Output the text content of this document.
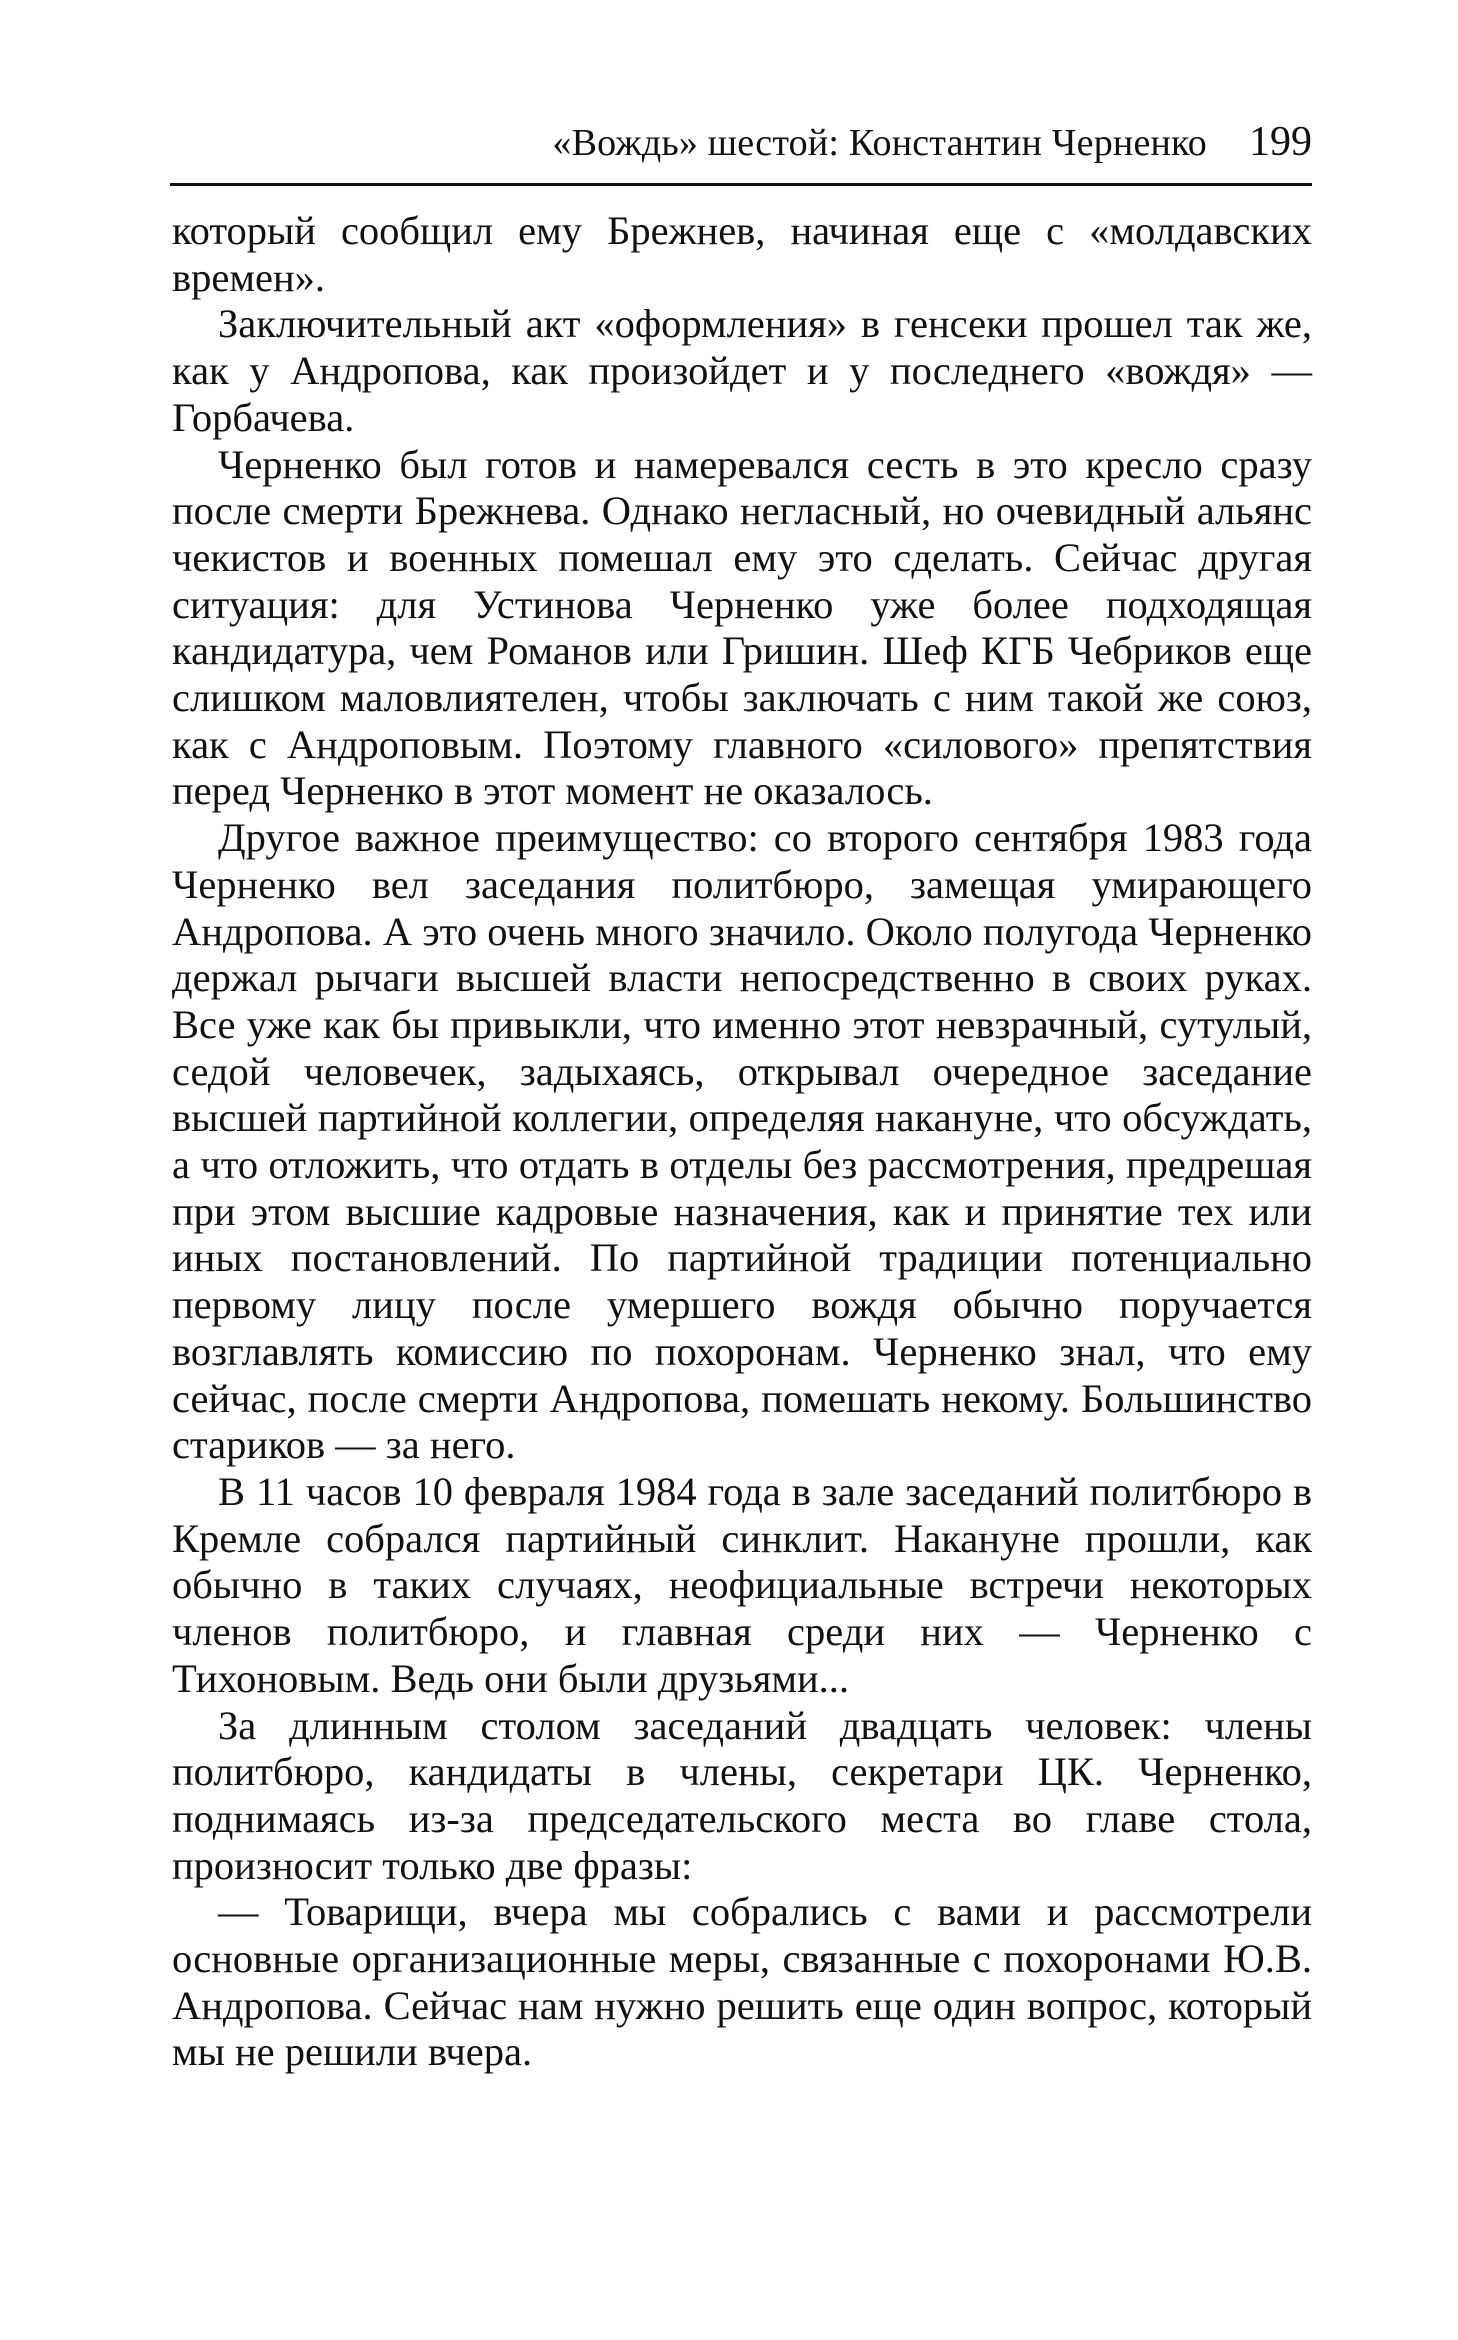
«Вождь» шестой: Константин Черненко 199

который сообщил ему Брежнев, начиная еще с «молдавских времен».

Заключительный акт «оформления» в генсеки прошел так же, как у Андропова, как произойдет и у последнего «вождя» — Горбачева.

Черненко был готов и намеревался сесть в это кресло сразу после смерти Брежнева. Однако негласный, но очевидный альянс чекистов и военных помешал ему это сделать. Сейчас другая ситуация: для Устинова Черненко уже более подходящая кандидатура, чем Романов или Гришин. Шеф КГБ Чебриков еще слишком маловлиятелен, чтобы заключать с ним такой же союз, как с Андроповым. Поэтому главного «силового» препятствия перед Черненко в этот момент не оказалось.

Другое важное преимущество: со второго сентября 1983 года Черненко вел заседания политбюро, замещая умирающего Андропова. А это очень много значило. Около полугода Черненко держал рычаги высшей власти непосредственно в своих руках. Все уже как бы привыкли, что именно этот невзрачный, сутулый, седой человечек, задыхаясь, открывал очередное заседание высшей партийной коллегии, определяя накануне, что обсуждать, а что отложить, что отдать в отделы без рассмотрения, предрешая при этом высшие кадровые назначения, как и принятие тех или иных постановлений. По партийной традиции потенциально первому лицу после умершего вождя обычно поручается возглавлять комиссию по похоронам. Черненко знал, что ему сейчас, после смерти Андропова, помешать некому. Большинство стариков — за него.

В 11 часов 10 февраля 1984 года в зале заседаний политбюро в Кремле собрался партийный синклит. Накануне прошли, как обычно в таких случаях, неофициальные встречи некоторых членов политбюро, и главная среди них — Черненко с Тихоновым. Ведь они были друзьями...

За длинным столом заседаний двадцать человек: члены политбюро, кандидаты в члены, секретари ЦК. Черненко, поднимаясь из-за председательского места во главе стола, произносит только две фразы:

— Товарищи, вчера мы собрались с вами и рассмотрели основные организационные меры, связанные с похоронами Ю.В. Андропова. Сейчас нам нужно решить еще один вопрос, который мы не решили вчера.
